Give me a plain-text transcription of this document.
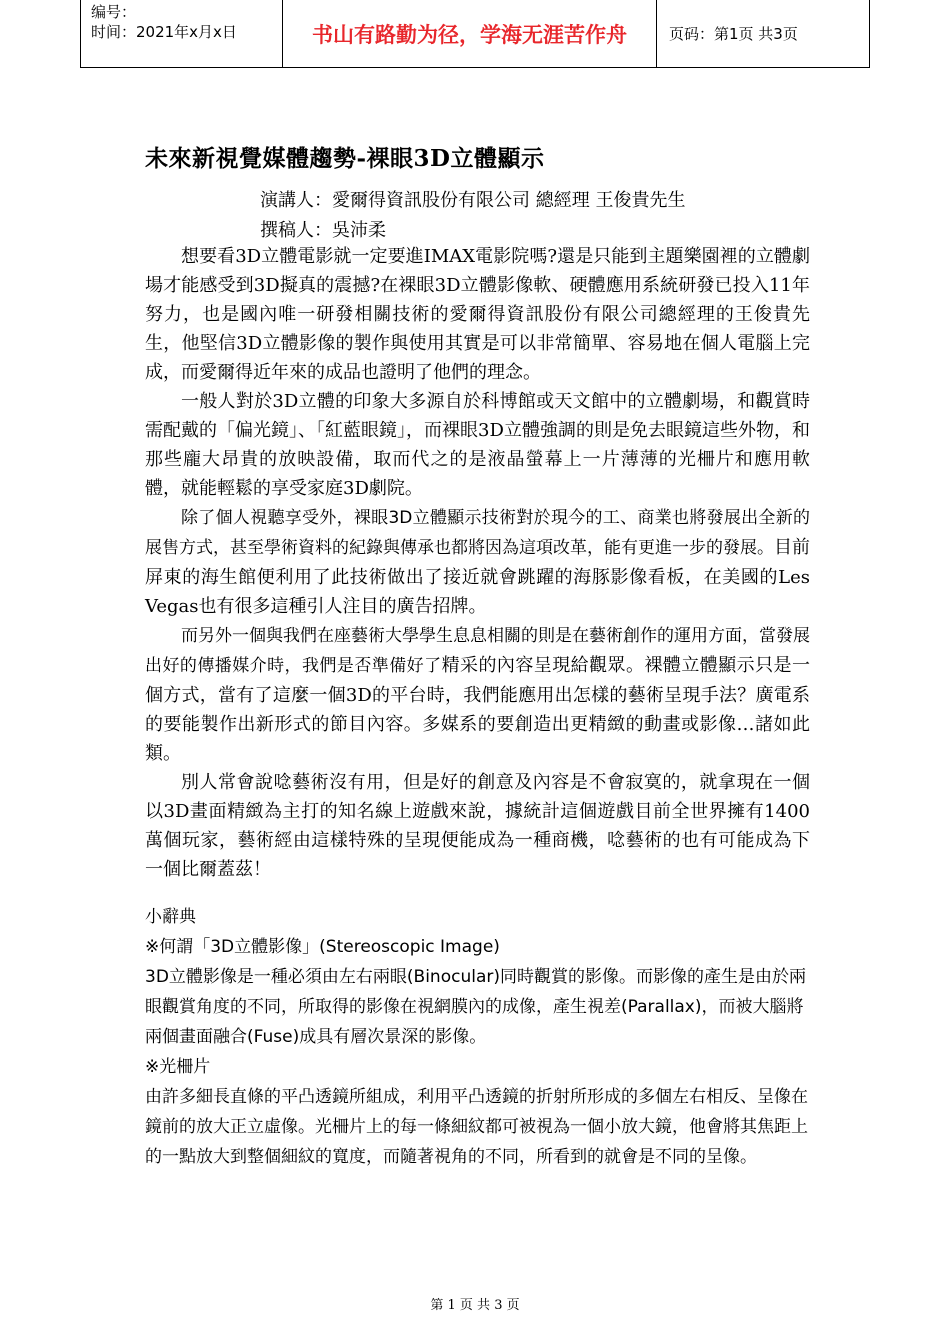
编号：
时间：2021年x月x日	书山有路勤为径，学海无涯苦作舟	页码：第1页 共3页
未來新視覺媒體趨勢-裸眼3D立體顯示
演講人：愛爾得資訊股份有限公司 總經理 王俊貴先生
撰稿人：吳沛柔

想要看3D立體電影就一定要進IMAX電影院嗎?還是只能到主題樂園裡的立體劇場才能感受到3D擬真的震撼?在裸眼3D立體影像軟、硬體應用系統研發已投入11年努力，也是國內唯一研發相關技術的愛爾得資訊股份有限公司總經理的王俊貴先生，他堅信3D立體影像的製作與使用其實是可以非常簡單、容易地在個人電腦上完成，而愛爾得近年來的成品也證明了他們的理念。

一般人對於3D立體的印象大多源自於科博館或天文館中的立體劇場，和觀賞時需配戴的「偏光鏡」、「紅藍眼鏡」，而裸眼3D立體強調的則是免去眼鏡這些外物，和那些龐大昂貴的放映設備，取而代之的是液晶螢幕上一片薄薄的光柵片和應用軟體，就能輕鬆的享受家庭3D劇院。

除了個人視聽享受外，裸眼3D立體顯示技術對於現今的工、商業也將發展出全新的展售方式，甚至學術資料的紀錄與傳承也都將因為這項改革，能有更進一步的發展。目前屏東的海生館便利用了此技術做出了接近就會跳躍的海豚影像看板，在美國的Les Vegas也有很多這種引人注目的廣告招牌。

而另外一個與我們在座藝術大學學生息息相關的則是在藝術創作的運用方面，當發展出好的傳播媒介時，我們是否準備好了精采的內容呈現給觀眾。裸體立體顯示只是一個方式，當有了這麼一個3D的平台時，我們能應用出怎樣的藝術呈現手法？廣電系的要能製作出新形式的節目內容。多媒系的要創造出更精緻的動畫或影像…諸如此類。

別人常會說唸藝術沒有用，但是好的創意及內容是不會寂寞的，就拿現在一個以3D畫面精緻為主打的知名線上遊戲來說，據統計這個遊戲目前全世界擁有1400萬個玩家，藝術經由這樣特殊的呈現便能成為一種商機，唸藝術的也有可能成為下一個比爾蓋茲！

小辭典

※何謂「3D立體影像」(Stereoscopic Image)

3D立體影像是一種必須由左右兩眼(Binocular)同時觀賞的影像。而影像的產生是由於兩眼觀賞角度的不同，所取得的影像在視網膜內的成像，產生視差(Parallax)，而被大腦將兩個畫面融合(Fuse)成具有層次景深的影像。

※光柵片

由許多細長直條的平凸透鏡所組成，利用平凸透鏡的折射所形成的多個左右相反、呈像在鏡前的放大正立虛像。光柵片上的每一條細紋都可被視為一個小放大鏡，他會將其焦距上的一點放大到整個細紋的寬度，而隨著視角的不同，所看到的就會是不同的呈像。

第 1 页 共 3 页
